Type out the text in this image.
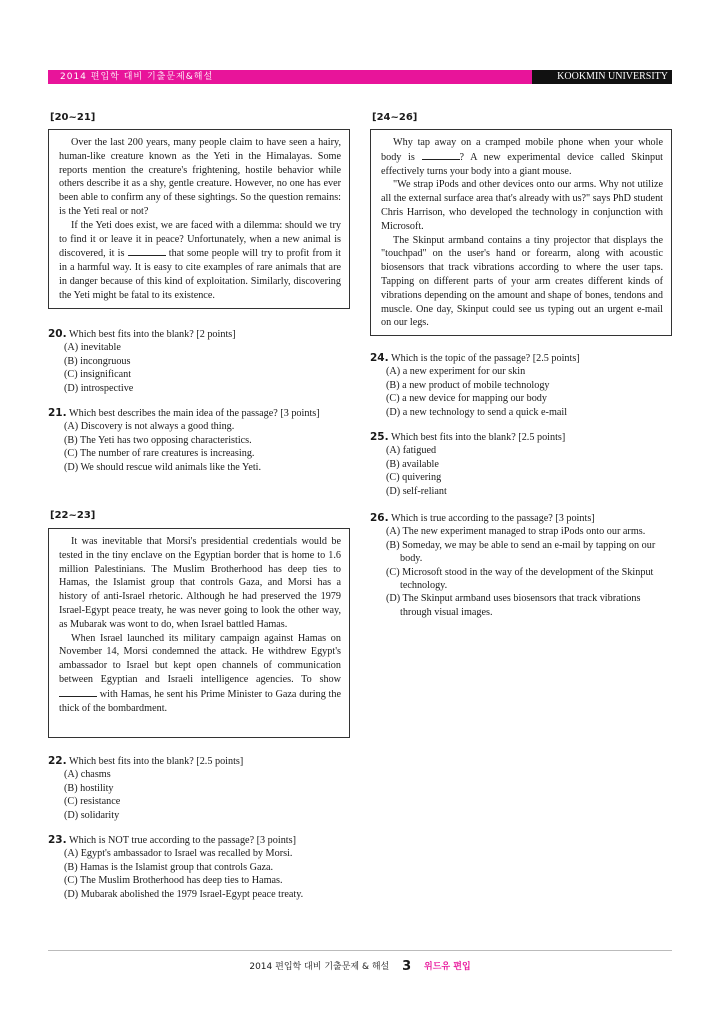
2014 편입학 대비 기출문제&해설	KOOKMIN UNIVERSITY
[20~21]

Over the last 200 years, many people claim to have seen a hairy, human-like creature known as the Yeti in the Himalayas. Some reports mention the creature's frightening, hostile behavior while others describe it as a shy, gentle creature. However, no one has ever been able to confirm any of these sightings. So the question remains: is the Yeti real or not?

If the Yeti does exist, we are faced with a dilemma: should we try to find it or leave it in peace? Unfortunately, when a new animal is discovered, it is	that some people will try to profit from it in a harmful way. It is easy to cite examples of rare animals that are in danger because of this kind of exploitation. Similarly, discovering the Yeti might be fatal to its existence.

20. Which best fits into the blank? [2 points]

(A) inevitable
(B) incongruous
(C) insignificant
(D) introspective

21. Which best describes the main idea of the passage? [3 points]

(A) Discovery is not always a good thing.
(B) The Yeti has two opposing characteristics.
(C) The number of rare creatures is increasing.
(D) We should rescue wild animals like the Yeti.
[22~23]

It was inevitable that Morsi's presidential credentials would be tested in the tiny enclave on the Egyptian border that is home to 1.6 million Palestinians. The Muslim Brotherhood has deep ties to Hamas, the Islamist group that controls Gaza, and Morsi has a history of anti-Israel rhetoric. Although he had preserved the 1979 Israel-Egypt peace treaty, he was never going to look the other way, as Mubarak was wont to do, when Israel battled Hamas.

When Israel launched its military campaign against Hamas on November 14, Morsi condemned the attack. He withdrew Egypt's ambassador to Israel but kept open channels of communication between Egyptian and Israeli intelligence agencies. To show  with Hamas, he sent his Prime Minister to Gaza during the thick of the bombardment.

22. Which best fits into the blank? [2.5 points]

(A) chasms
(B) hostility
(C) resistance
(D) solidarity

23. Which is NOT true according to the passage? [3 points]

(A) Egypt's ambassador to Israel was recalled by Morsi.
(B) Hamas is the Islamist group that controls Gaza.
(C) The Muslim Brotherhood has deep ties to Hamas.
(D) Mubarak abolished the 1979 Israel-Egypt peace treaty.
[24~26]

Why tap away on a cramped mobile phone when your whole body is	? A new experimental device called Skinput effectively turns your body into a giant mouse.

"We strap iPods and other devices onto our arms. Why not utilize all the external surface area that's already with us?" says PhD student Chris Harrison, who developed the technology in conjunction with Microsoft.

The Skinput armband contains a tiny projector that displays the "touchpad" on the user's hand or forearm, along with acoustic biosensors that track vibrations according to where the user taps. Tapping on different parts of your arm creates different kinds of vibrations depending on the amount and shape of bones, tendons and muscle. One day, Skinput could see us typing out an urgent e-mail on our legs.

24. Which is the topic of the passage? [2.5 points]

(A) a new experiment for our skin
(B) a new product of mobile technology
(C) a new device for mapping our body
(D) a new technology to send a quick e-mail

25. Which best fits into the blank? [2.5 points]

(A) fatigued
(B) available
(C) quivering
(D) self-reliant

26. Which is true according to the passage? [3 points]

(A) The new experiment managed to strap iPods onto our arms.
(B) Someday, we may be able to send an e-mail by tapping on our body.
(C) Microsoft stood in the way of the development of the Skinput technology.
(D) The Skinput armband uses biosensors that track vibrations through visual images.
2014 편입학 대비 기출문제 & 해설 3 위드유 편입
